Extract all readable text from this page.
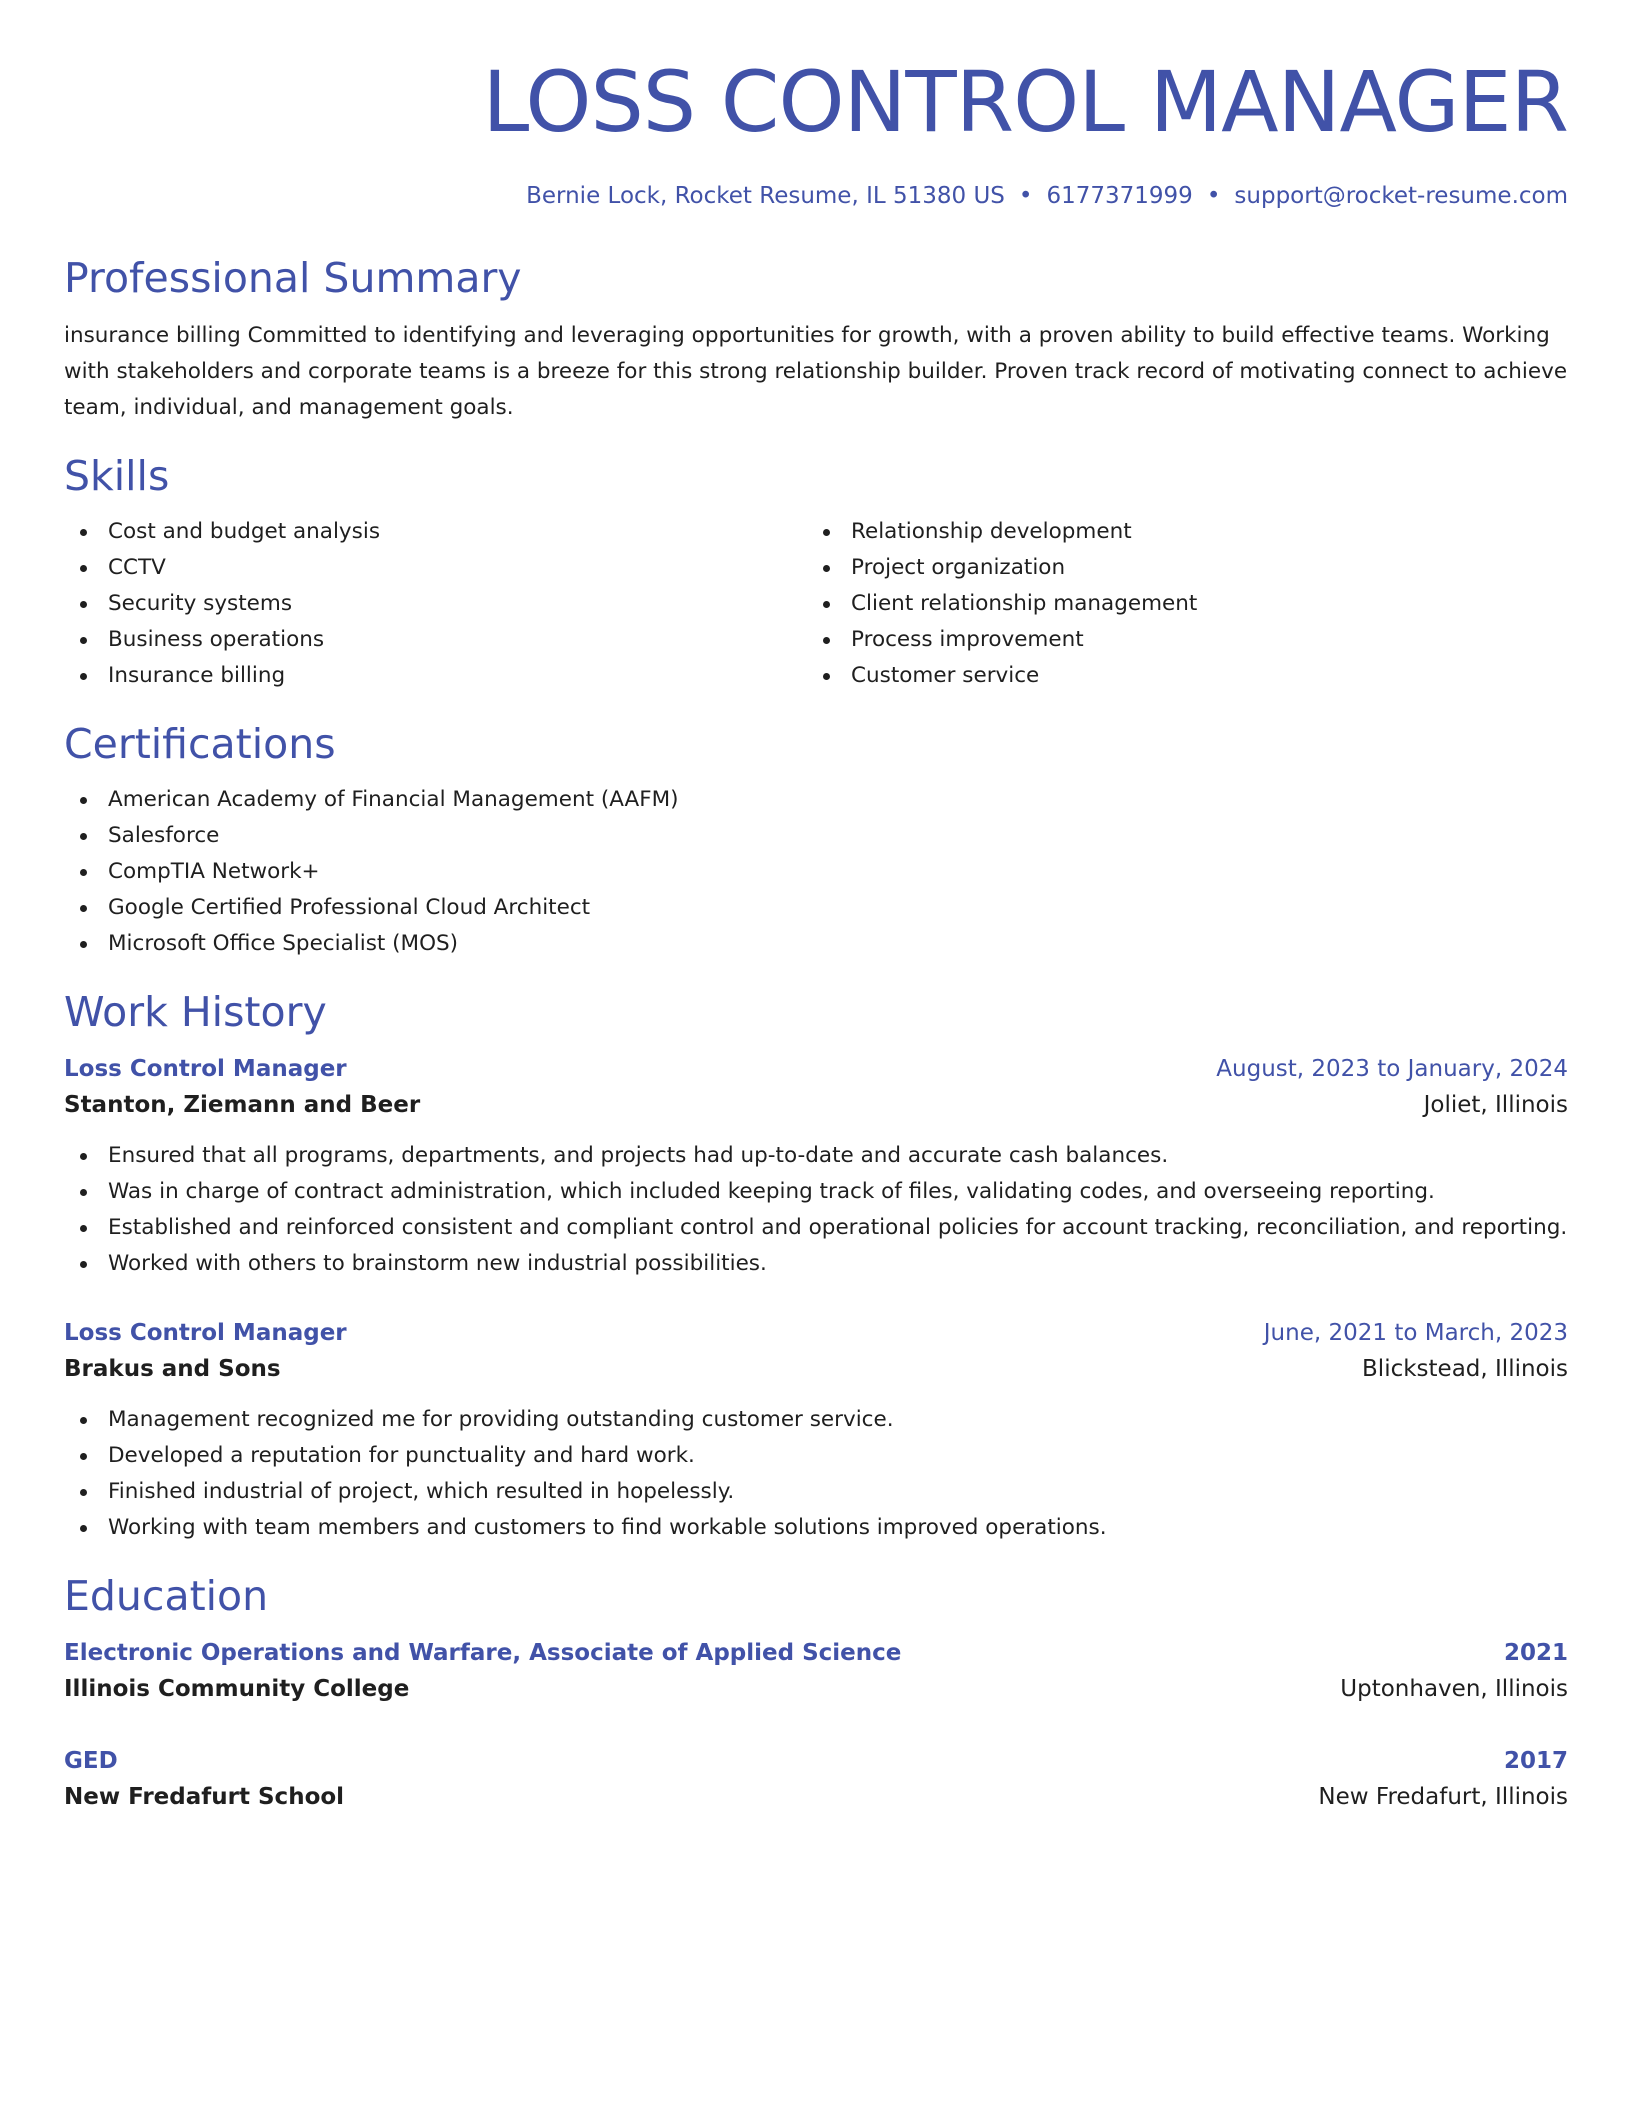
LOSS CONTROL MANAGER
Bernie Lock, Rocket Resume, IL 51380 US • 6177371999 • support@rocket-resume.com
Professional Summary

insurance billing Committed to identifying and leveraging opportunities for growth, with a proven ability to build effective teams. Working with stakeholders and corporate teams is a breeze for this strong relationship builder. Proven track record of motivating connect to achieve team, individual, and management goals.

Skills
Cost and budget analysis
CCTV
Security systems
Business operations
Insurance billing
Relationship development
Project organization
Client relationship management
Process improvement
Customer service
Certifications
American Academy of Financial Management (AAFM)
Salesforce
CompTIA Network+
Google Certified Professional Cloud Architect
Microsoft Office Specialist (MOS)
Work History
Loss Control Manager	August, 2023 to January, 2024
Stanton, Ziemann and Beer	Joliet, Illinois
Ensured that all programs, departments, and projects had up-to-date and accurate cash balances.
Was in charge of contract administration, which included keeping track of files, validating codes, and overseeing reporting.
Established and reinforced consistent and compliant control and operational policies for account tracking, reconciliation, and reporting.
Worked with others to brainstorm new industrial possibilities.
Loss Control Manager	June, 2021 to March, 2023
Brakus and Sons	Blickstead, Illinois
Management recognized me for providing outstanding customer service.
Developed a reputation for punctuality and hard work.
Finished industrial of project, which resulted in hopelessly.
Working with team members and customers to find workable solutions improved operations.
Education
Electronic Operations and Warfare, Associate of Applied Science	2021
Illinois Community College	Uptonhaven, Illinois
GED	2017
New Fredafurt School	New Fredafurt, Illinois
